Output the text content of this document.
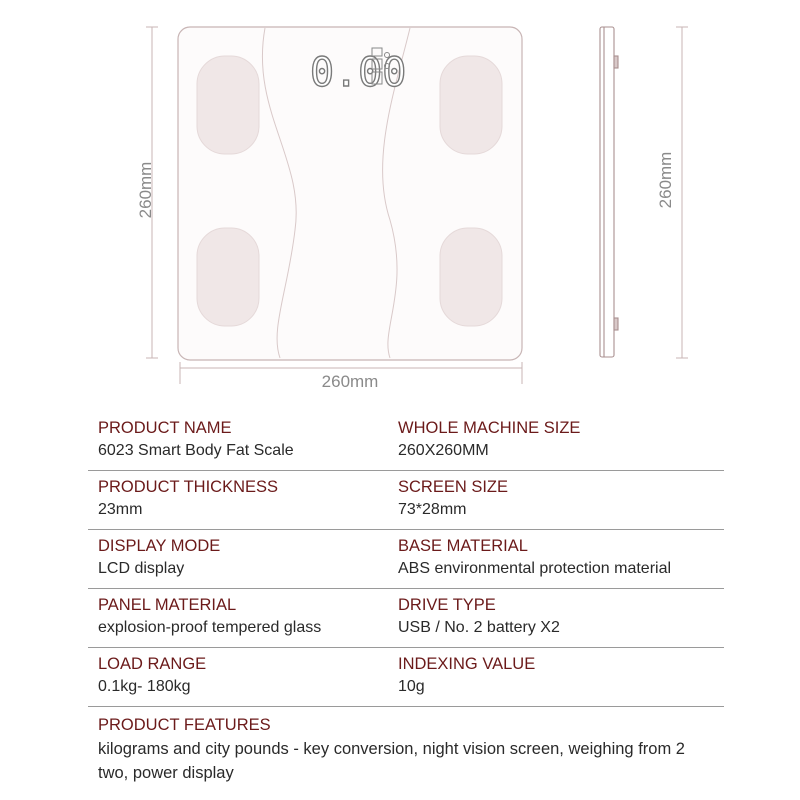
0.00
260mm
260mm	260mm
PRODUCT NAME
6023 Smart Body Fat Scale
WHOLE MACHINE SIZE
260X260MM
PRODUCT THICKNESS
23mm
SCREEN SIZE
73*28mm
DISPLAY MODE
LCD display
BASE MATERIAL
ABS environmental protection material
PANEL MATERIAL
explosion-proof tempered glass
DRIVE TYPE
USB / No. 2 battery X2
LOAD RANGE
0.1kg- 180kg
INDEXING VALUE
10g
PRODUCT FEATURES
kilograms and city pounds - key conversion, night vision screen, weighing from 2 two, power display
